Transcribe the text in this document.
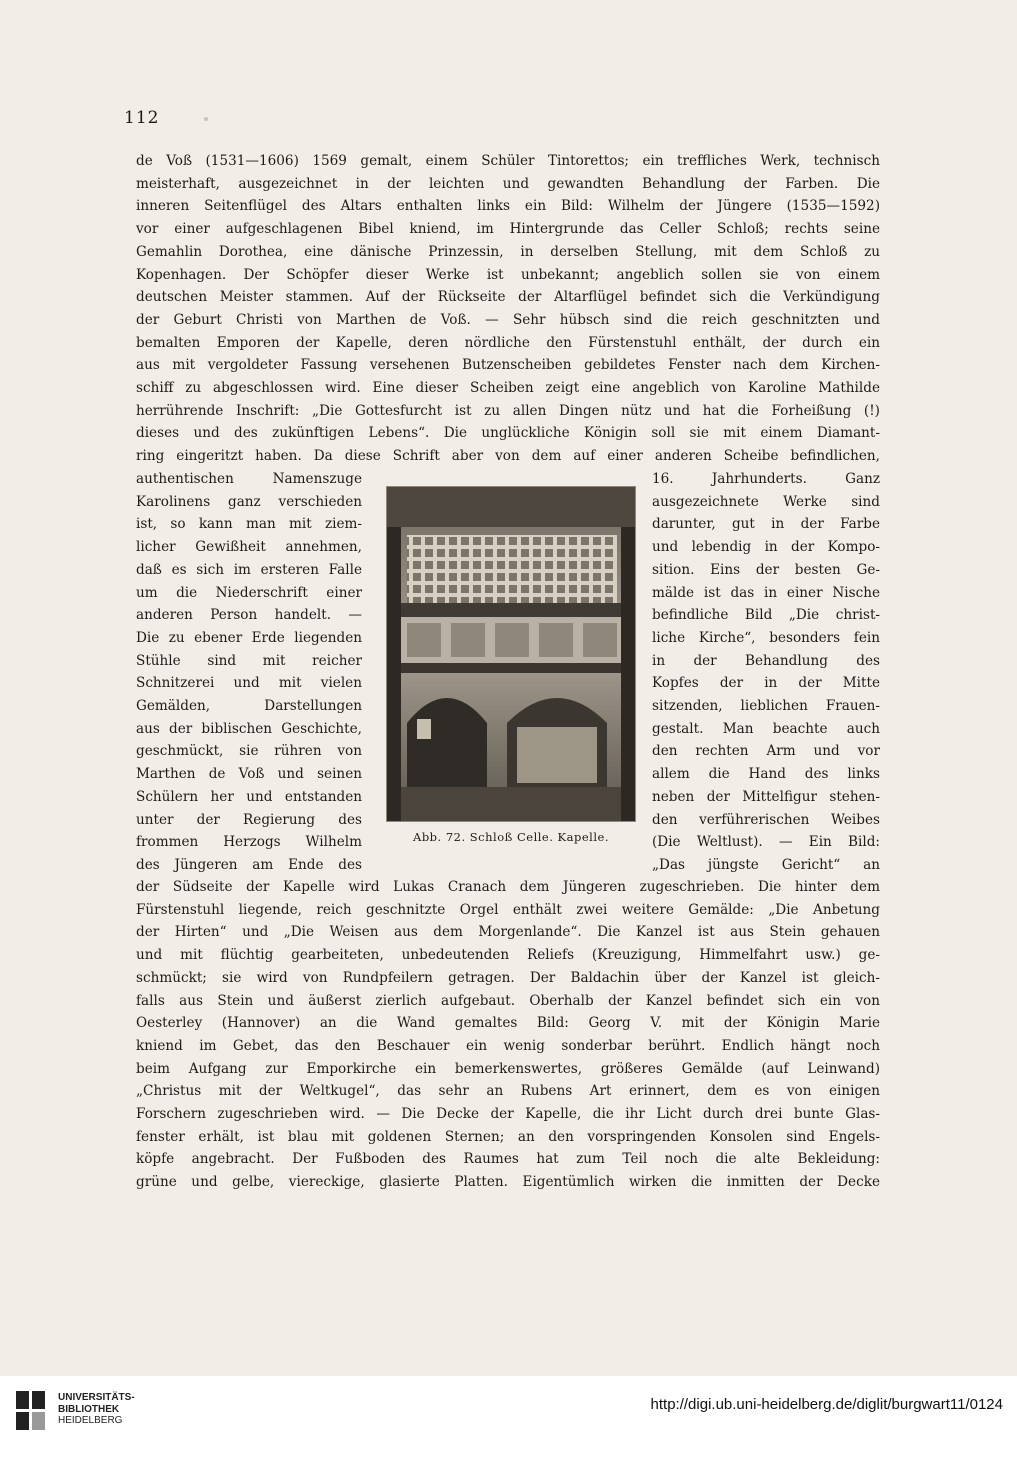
112
de Voß (1531—1606) 1569 gemalt, einem Schüler Tintorettos; ein treffliches Werk, technisch
meisterhaft, ausgezeichnet in der leichten und gewandten Behandlung der Farben. Die
inneren Seitenflügel des Altars enthalten links ein Bild: Wilhelm der Jüngere (1535—1592)
vor einer aufgeschlagenen Bibel kniend, im Hintergrunde das Celler Schloß; rechts seine
Gemahlin Dorothea, eine dänische Prinzessin, in derselben Stellung, mit dem Schloß zu
Kopenhagen. Der Schöpfer dieser Werke ist unbekannt; angeblich sollen sie von einem
deutschen Meister stammen. Auf der Rückseite der Altarflügel befindet sich die Verkündigung
der Geburt Christi von Marthen de Voß. — Sehr hübsch sind die reich geschnitzten und
bemalten Emporen der Kapelle, deren nördliche den Fürstenstuhl enthält, der durch ein
aus mit vergoldeter Fassung versehenen Butzenscheiben gebildetes Fenster nach dem Kirchen-
schiff zu abgeschlossen wird. Eine dieser Scheiben zeigt eine angeblich von Karoline Mathilde
herrührende Inschrift: „Die Gottesfurcht ist zu allen Dingen nütz und hat die Forheißung (!)
dieses und des zukünftigen Lebens“. Die unglückliche Königin soll sie mit einem Diamant-
ring eingeritzt haben. Da diese Schrift aber von dem auf einer anderen Scheibe befindlichen,
authentischen Namenszuge
Karolinens ganz verschieden
ist, so kann man mit ziem-
licher Gewißheit annehmen,
daß es sich im ersteren Falle
um die Niederschrift einer
anderen Person handelt. —
Die zu ebener Erde liegenden
Stühle sind mit reicher
Schnitzerei und mit vielen
Gemälden, Darstellungen
aus der biblischen Geschichte,
geschmückt, sie rühren von
Marthen de Voß und seinen
Schülern her und entstanden
unter der Regierung des
frommen Herzogs Wilhelm
des Jüngeren am Ende des
Abb. 72. Schloß Celle. Kapelle.
16. Jahrhunderts. Ganz
ausgezeichnete Werke sind
darunter, gut in der Farbe
und lebendig in der Kompo-
sition. Eins der besten Ge-
mälde ist das in einer Nische
befindliche Bild „Die christ-
liche Kirche“, besonders fein
in der Behandlung des
Kopfes der in der Mitte
sitzenden, lieblichen Frauen-
gestalt. Man beachte auch
den rechten Arm und vor
allem die Hand des links
neben der Mittelfigur stehen-
den verführerischen Weibes
(Die Weltlust). — Ein Bild:
„Das jüngste Gericht“ an
der Südseite der Kapelle wird Lukas Cranach dem Jüngeren zugeschrieben. Die hinter dem
Fürstenstuhl liegende, reich geschnitzte Orgel enthält zwei weitere Gemälde: „Die Anbetung
der Hirten“ und „Die Weisen aus dem Morgenlande“. Die Kanzel ist aus Stein gehauen
und mit flüchtig gearbeiteten, unbedeutenden Reliefs (Kreuzigung, Himmelfahrt usw.) ge-
schmückt; sie wird von Rundpfeilern getragen. Der Baldachin über der Kanzel ist gleich-
falls aus Stein und äußerst zierlich aufgebaut. Oberhalb der Kanzel befindet sich ein von
Oesterley (Hannover) an die Wand gemaltes Bild: Georg V. mit der Königin Marie
kniend im Gebet, das den Beschauer ein wenig sonderbar berührt. Endlich hängt noch
beim Aufgang zur Emporkirche ein bemerkenswertes, größeres Gemälde (auf Leinwand)
„Christus mit der Weltkugel“, das sehr an Rubens Art erinnert, dem es von einigen
Forschern zugeschrieben wird. — Die Decke der Kapelle, die ihr Licht durch drei bunte Glas-
fenster erhält, ist blau mit goldenen Sternen; an den vorspringenden Konsolen sind Engels-
köpfe angebracht. Der Fußboden des Raumes hat zum Teil noch die alte Bekleidung:
grüne und gelbe, viereckige, glasierte Platten. Eigentümlich wirken die inmitten der Decke
UNIVERSITÄTS-
BIBLIOTHEK
HEIDELBERG
http://digi.ub.uni-heidelberg.de/diglit/burgwart11/0124
